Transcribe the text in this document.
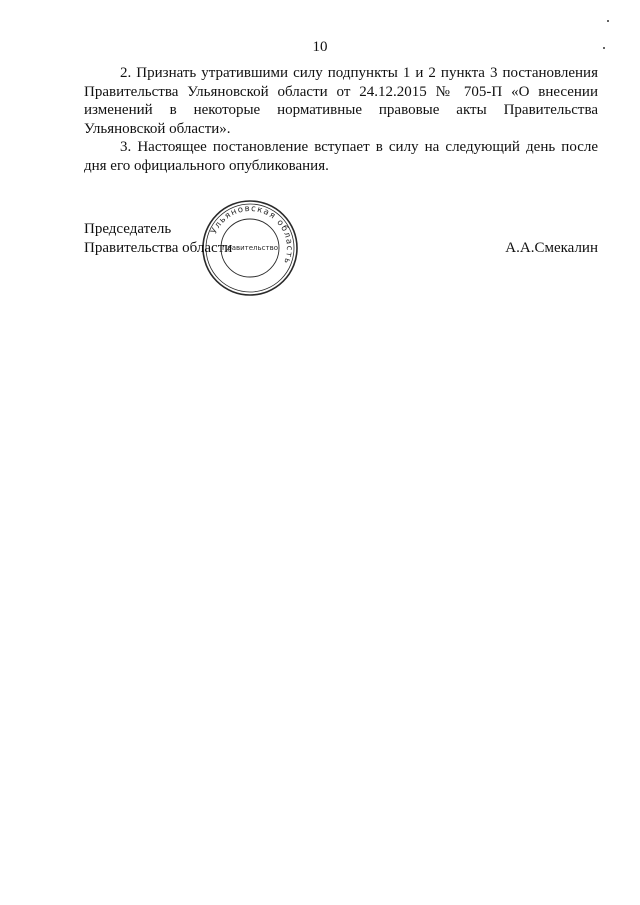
10

2. Признать утратившими силу подпункты 1 и 2 пункта 3 постановления Правительства Ульяновской области от 24.12.2015 № 705-П «О внесении изменений в некоторые нормативные правовые акты Правительства Ульяновской области».

3. Настоящее постановление вступает в силу на следующий день после дня его официального опубликования.

Ульяновская область
Правительство
Председатель
Правительства области	А.А.Смекалин
